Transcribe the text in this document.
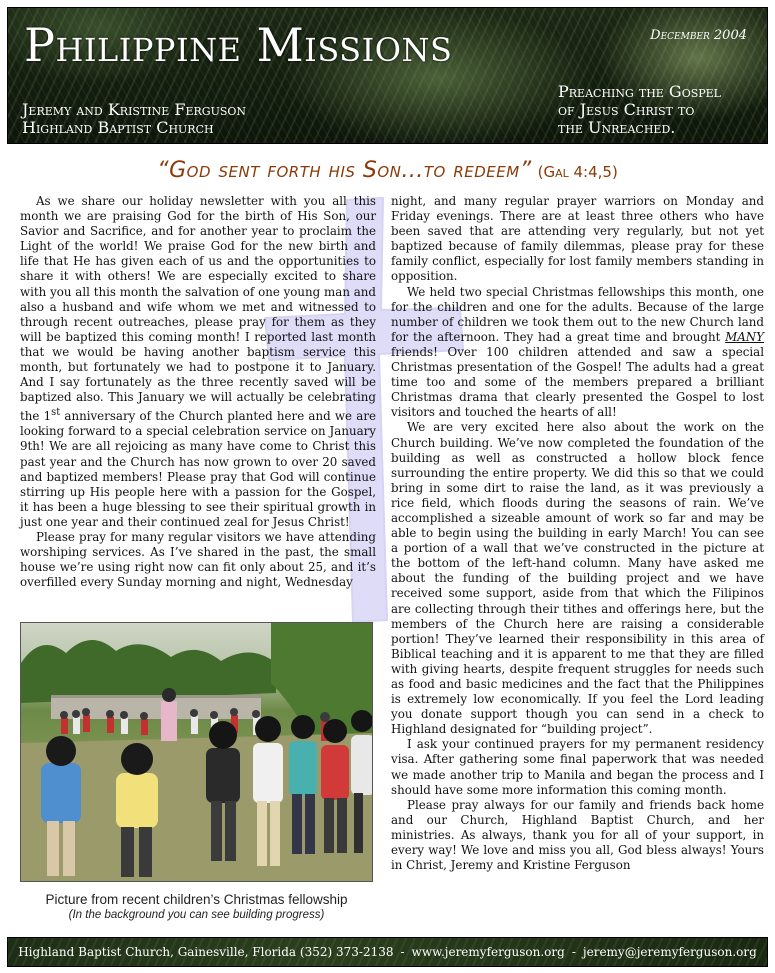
Philippine Missions	December 2004
Jeremy and Kristine Ferguson
Highland Baptist Church
Preaching the Gospel
of Jesus Christ to
the Unreached.
“God sent forth his Son…to redeem” (Gal 4:4,5)

As we share our holiday newsletter with you all this month we are praising God for the birth of His Son, our Savior and Sacrifice, and for another year to proclaim the Light of the world! We praise God for the new birth and life that He has given each of us and the opportunities to share it with others! We are especially excited to share with you all this month the salvation of one young man and also a husband and wife whom we met and witnessed to through recent outreaches, please pray for them as they will be baptized this coming month! I reported last month that we would be having another baptism service this month, but fortunately we had to postpone it to January. And I say fortunately as the three recently saved will be baptized also. This January we will actually be celebrating the 1st anniversary of the Church planted here and we are looking forward to a special celebration service on January 9th! We are all rejoicing as many have come to Christ this past year and the Church has now grown to over 20 saved and baptized members! Please pray that God will continue stirring up His people here with a passion for the Gospel, it has been a huge blessing to see their spiritual growth in just one year and their continued zeal for Jesus Christ!

Please pray for many regular visitors we have attending worshiping services. As I’ve shared in the past, the small house we’re using right now can fit only about 25, and it’s overfilled every Sunday morning and night, Wednesday

Picture from recent children’s Christmas fellowship
(In the background you can see building progress)

night, and many regular prayer warriors on Monday and Friday evenings. There are at least three others who have been saved that are attending very regularly, but not yet baptized because of family dilemmas, please pray for these family conflict, especially for lost family members standing in opposition.

We held two special Christmas fellowships this month, one for the children and one for the adults. Because of the large number of children we took them out to the new Church land for the afternoon. They had a great time and brought MANY friends! Over 100 children attended and saw a special Christmas presentation of the Gospel! The adults had a great time too and some of the members prepared a brilliant Christmas drama that clearly presented the Gospel to lost visitors and touched the hearts of all!

We are very excited here also about the work on the Church building. We’ve now completed the foundation of the building as well as constructed a hollow block fence surrounding the entire property. We did this so that we could bring in some dirt to raise the land, as it was previously a rice field, which floods during the seasons of rain. We’ve accomplished a sizeable amount of work so far and may be able to begin using the building in early March! You can see a portion of a wall that we’ve constructed in the picture at the bottom of the left-hand column. Many have asked me about the funding of the building project and we have received some support, aside from that which the Filipinos are collecting through their tithes and offerings here, but the members of the Church here are raising a considerable portion! They’ve learned their responsibility in this area of Biblical teaching and it is apparent to me that they are filled with giving hearts, despite frequent struggles for needs such as food and basic medicines and the fact that the Philippines is extremely low economically. If you feel the Lord leading you donate support though you can send in a check to Highland designated for “building project”.

I ask your continued prayers for my permanent residency visa. After gathering some final paperwork that was needed we made another trip to Manila and began the process and I should have some more information this coming month.

Please pray always for our family and friends back home and our Church, Highland Baptist Church, and her ministries. As always, thank you for all of your support, in every way! We love and miss you all, God bless always! Yours in Christ, Jeremy and Kristine Ferguson

Highland Baptist Church, Gainesville, Florida (352) 373-2138 - www.jeremyferguson.org - jeremy@jeremyferguson.org
